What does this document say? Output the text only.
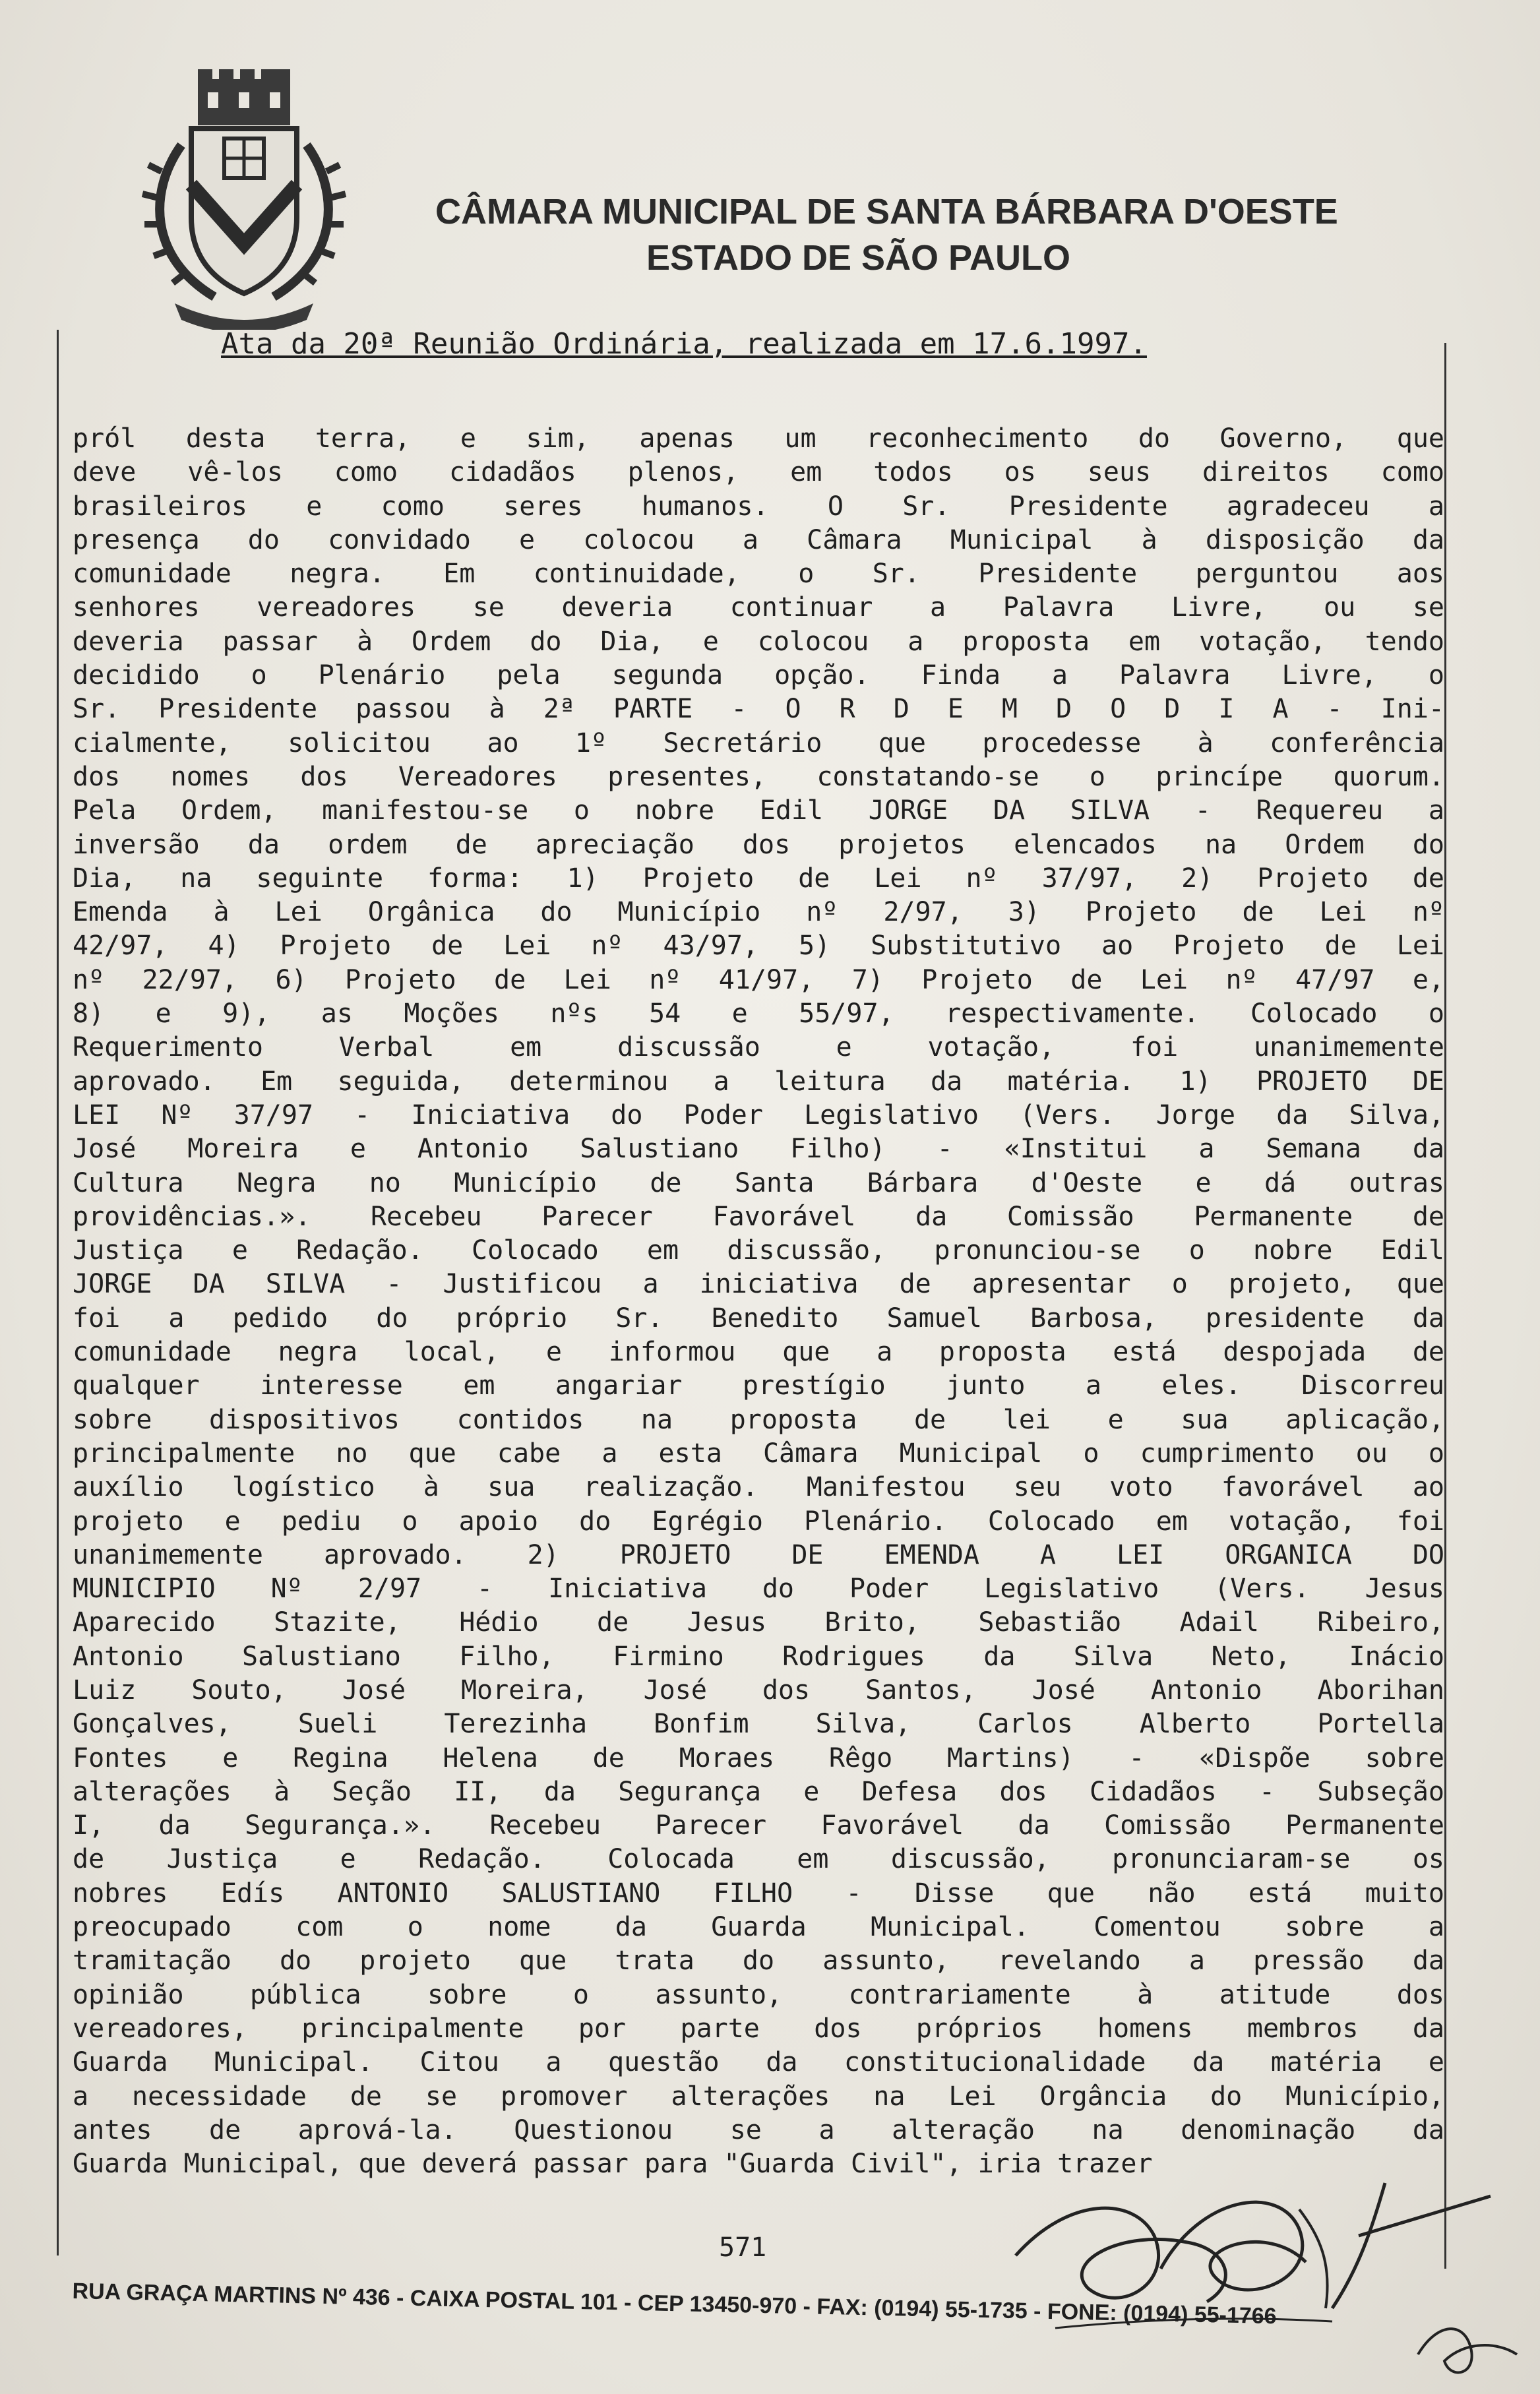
CÂMARA MUNICIPAL DE SANTA BÁRBARA D'OESTE
ESTADO DE SÃO PAULO
Ata da 20ª Reunião Ordinária, realizada em 17.6.1997.
pról desta terra, e sim, apenas um reconhecimento do Governo, que
deve vê-los como cidadãos plenos, em todos os seus direitos como
brasileiros e como seres humanos. O Sr. Presidente agradeceu a
presença do convidado e colocou a Câmara Municipal à disposição da
comunidade negra. Em continuidade, o Sr. Presidente perguntou aos
senhores vereadores se deveria continuar a Palavra Livre, ou se
deveria passar à Ordem do Dia, e colocou a proposta em votação, tendo
decidido o Plenário pela segunda opção. Finda a Palavra Livre, o
Sr. Presidente passou à 2ª PARTE - O R D E M D O D I A - Ini-
cialmente, solicitou ao 1º Secretário que procedesse à conferência
dos nomes dos Vereadores presentes, constatando-se o princípe quorum.
Pela Ordem, manifestou-se o nobre Edil JORGE DA SILVA - Requereu a
inversão da ordem de apreciação dos projetos elencados na Ordem do
Dia, na seguinte forma: 1) Projeto de Lei nº 37/97, 2) Projeto de
Emenda à Lei Orgânica do Município nº 2/97, 3) Projeto de Lei nº
42/97, 4) Projeto de Lei nº 43/97, 5) Substitutivo ao Projeto de Lei
nº 22/97, 6) Projeto de Lei nº 41/97, 7) Projeto de Lei nº 47/97 e,
8) e 9), as Moções nºs 54 e 55/97, respectivamente. Colocado o
Requerimento Verbal em discussão e votação, foi unanimemente
aprovado. Em seguida, determinou a leitura da matéria. 1) PROJETO DE
LEI Nº 37/97 - Iniciativa do Poder Legislativo (Vers. Jorge da Silva,
José Moreira e Antonio Salustiano Filho) - «Institui a Semana da
Cultura Negra no Município de Santa Bárbara d'Oeste e dá outras
providências.». Recebeu Parecer Favorável da Comissão Permanente de
Justiça e Redação. Colocado em discussão, pronunciou-se o nobre Edil
JORGE DA SILVA - Justificou a iniciativa de apresentar o projeto, que
foi a pedido do próprio Sr. Benedito Samuel Barbosa, presidente da
comunidade negra local, e informou que a proposta está despojada de
qualquer interesse em angariar prestígio junto a eles. Discorreu
sobre dispositivos contidos na proposta de lei e sua aplicação,
principalmente no que cabe a esta Câmara Municipal o cumprimento ou o
auxílio logístico à sua realização. Manifestou seu voto favorável ao
projeto e pediu o apoio do Egrégio Plenário. Colocado em votação, foi
unanimemente aprovado. 2) PROJETO DE EMENDA A LEI ORGANICA DO
MUNICIPIO Nº 2/97 - Iniciativa do Poder Legislativo (Vers. Jesus
Aparecido Stazite, Hédio de Jesus Brito, Sebastião Adail Ribeiro,
Antonio Salustiano Filho, Firmino Rodrigues da Silva Neto, Inácio
Luiz Souto, José Moreira, José dos Santos, José Antonio Aborihan
Gonçalves, Sueli Terezinha Bonfim Silva, Carlos Alberto Portella
Fontes e Regina Helena de Moraes Rêgo Martins) - «Dispõe sobre
alterações à Seção II, da Segurança e Defesa dos Cidadãos - Subseção
I, da Segurança.». Recebeu Parecer Favorável da Comissão Permanente
de Justiça e Redação. Colocada em discussão, pronunciaram-se os
nobres Edís ANTONIO SALUSTIANO FILHO - Disse que não está muito
preocupado com o nome da Guarda Municipal. Comentou sobre a
tramitação do projeto que trata do assunto, revelando a pressão da
opinião pública sobre o assunto, contrariamente à atitude dos
vereadores, principalmente por parte dos próprios homens membros da
Guarda Municipal. Citou a questão da constitucionalidade da matéria e
a necessidade de se promover alterações na Lei Orgância do Município,
antes de aprová-la. Questionou se a alteração na denominação da
Guarda Municipal, que deverá passar para "Guarda Civil", iria trazer
571
RUA GRAÇA MARTINS Nº 436 - CAIXA POSTAL 101 - CEP 13450-970 - FAX: (0194) 55-1735 - FONE: (0194) 55-1766
